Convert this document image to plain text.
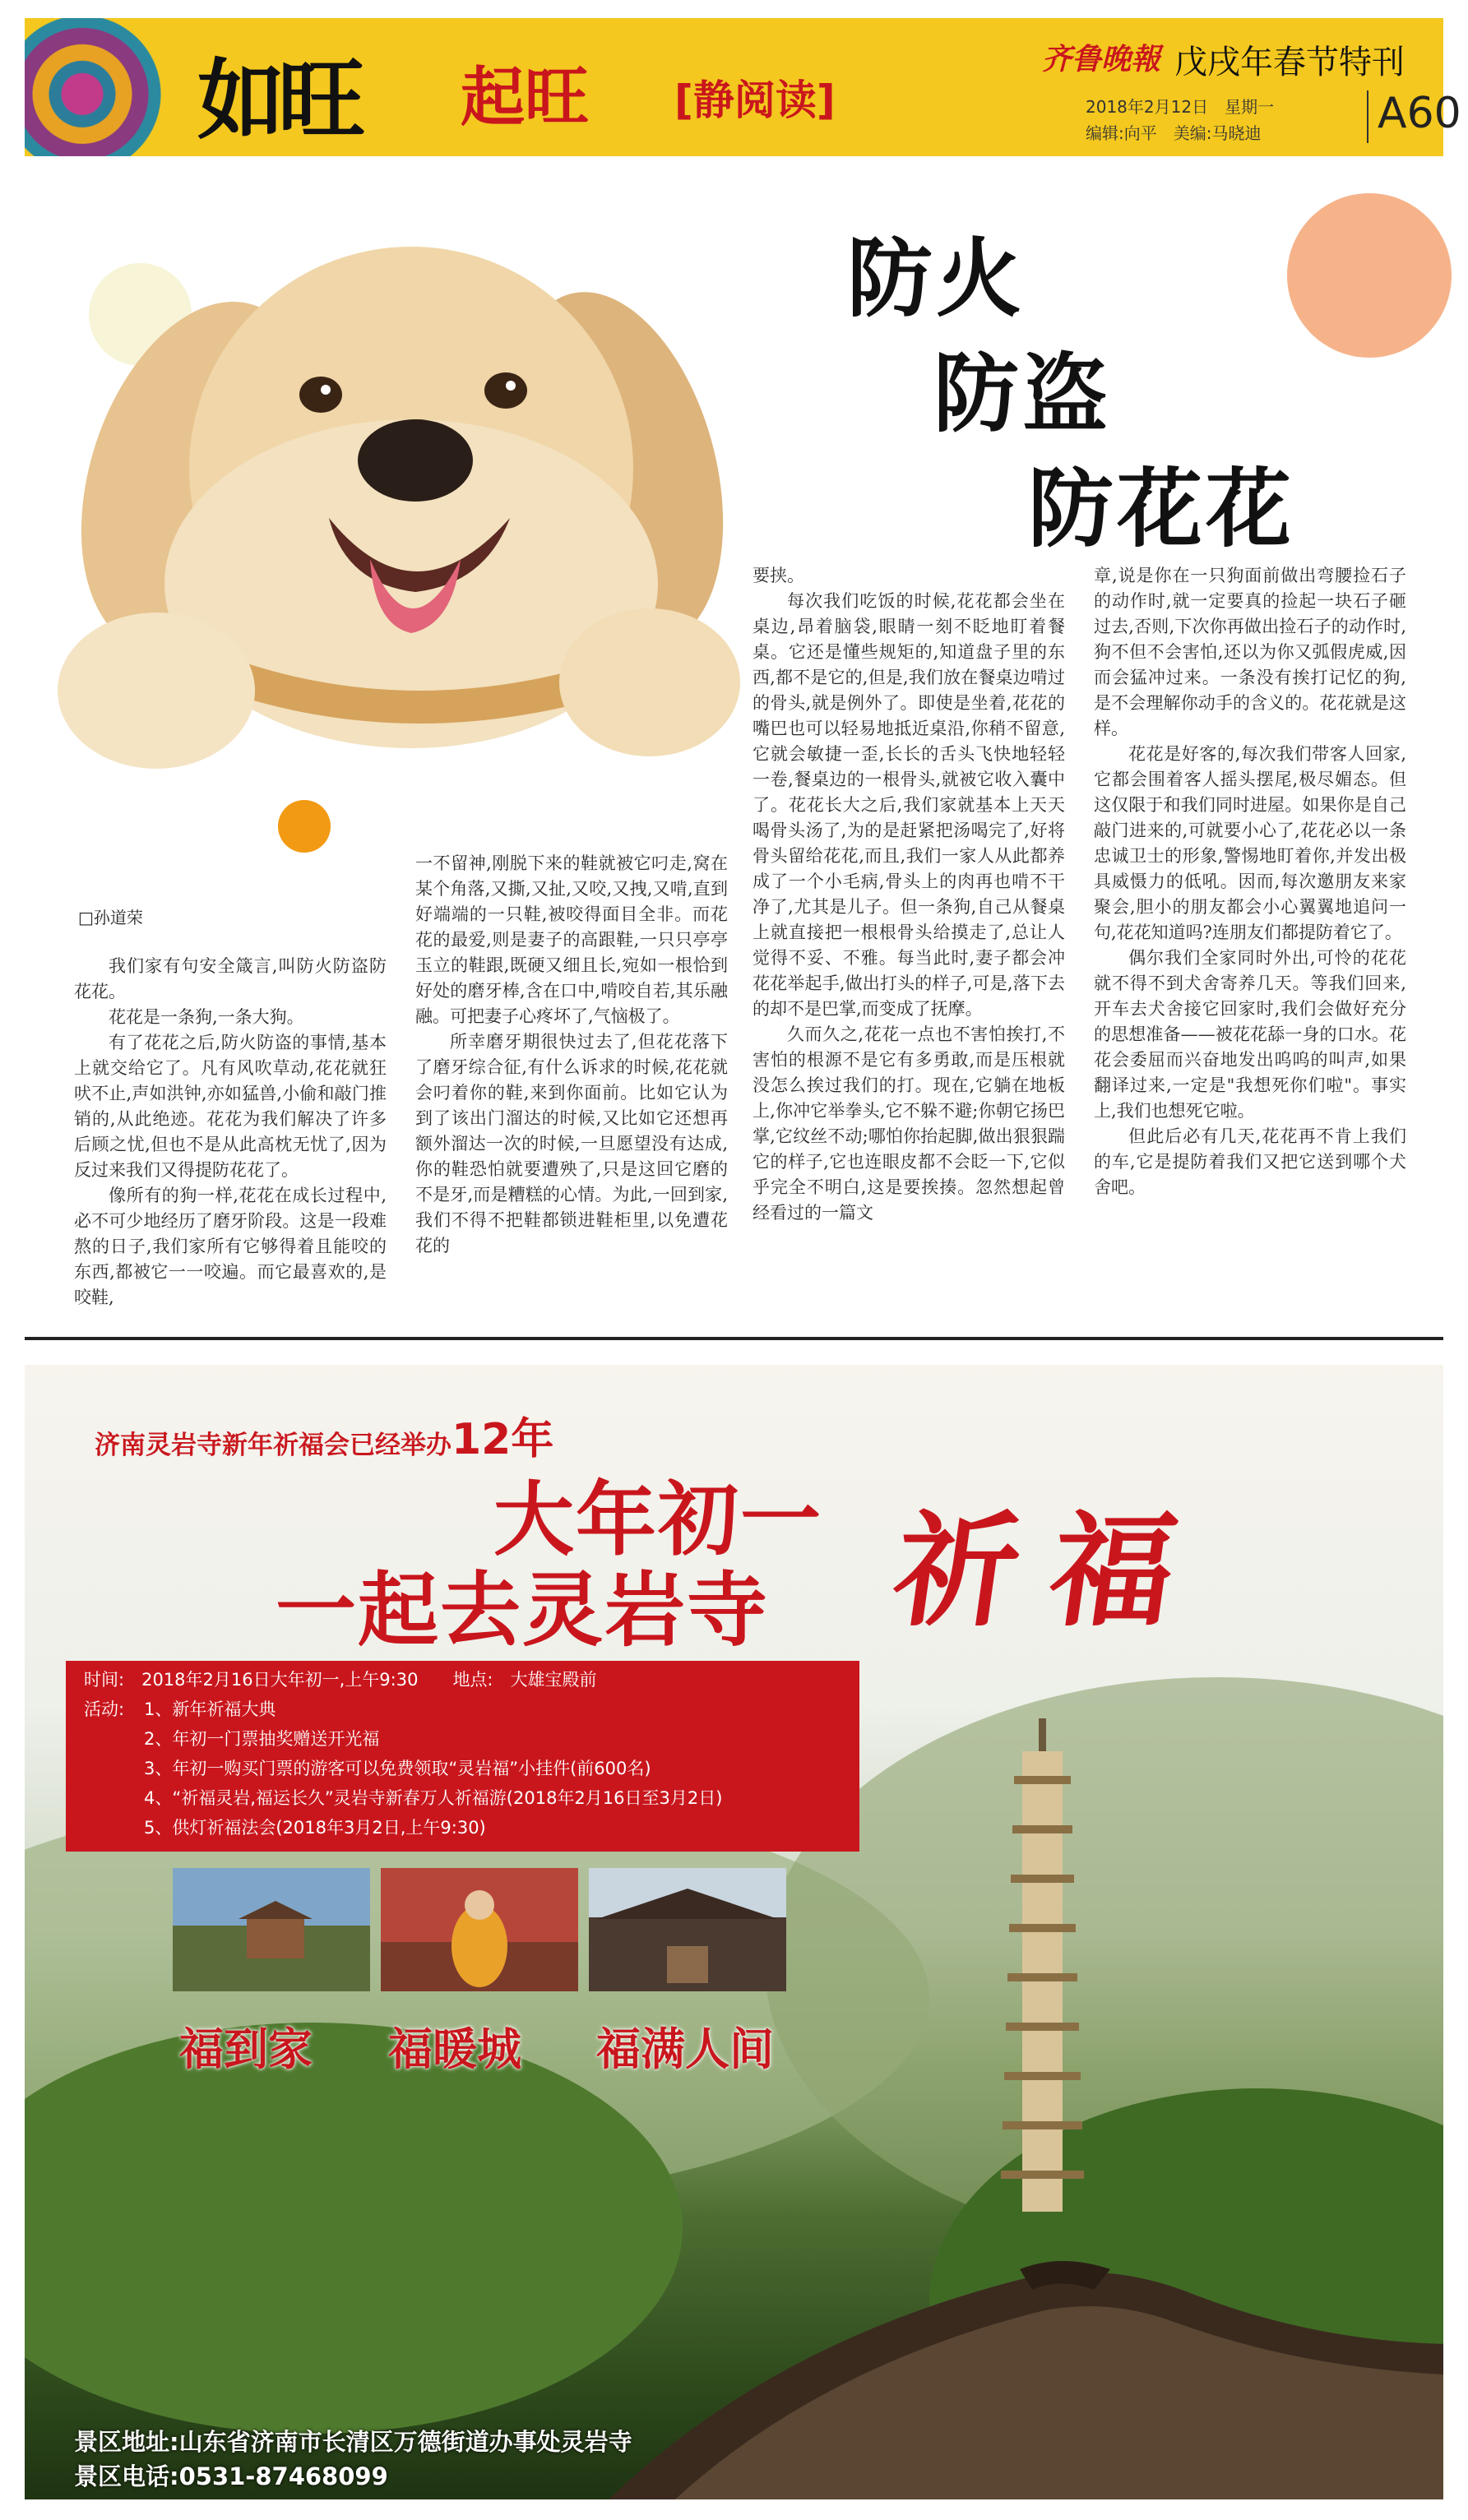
如旺 起旺 [静阅读]
齐鲁晚報 戊戌年春节特刊
2018年2月12日　星期一
编辑:向平　美编:马晓迪	A60
防火
防盗
防花花
□孙道荣

我们家有句安全箴言,叫防火防盗防花花。

花花是一条狗,一条大狗。

有了花花之后,防火防盗的事情,基本上就交给它了。凡有风吹草动,花花就狂吠不止,声如洪钟,亦如猛兽,小偷和敲门推销的,从此绝迹。花花为我们解决了许多后顾之忧,但也不是从此高枕无忧了,因为反过来我们又得提防花花了。

像所有的狗一样,花花在成长过程中,必不可少地经历了磨牙阶段。这是一段难熬的日子,我们家所有它够得着且能咬的东西,都被它一一咬遍。而它最喜欢的,是咬鞋,

一不留神,刚脱下来的鞋就被它叼走,窝在某个角落,又撕,又扯,又咬,又拽,又啃,直到好端端的一只鞋,被咬得面目全非。而花花的最爱,则是妻子的高跟鞋,一只只亭亭玉立的鞋跟,既硬又细且长,宛如一根恰到好处的磨牙棒,含在口中,啃咬自若,其乐融融。可把妻子心疼坏了,气恼极了。

所幸磨牙期很快过去了,但花花落下了磨牙综合征,有什么诉求的时候,花花就会叼着你的鞋,来到你面前。比如它认为到了该出门溜达的时候,又比如它还想再额外溜达一次的时候,一旦愿望没有达成,你的鞋恐怕就要遭殃了,只是这回它磨的不是牙,而是糟糕的心情。为此,一回到家,我们不得不把鞋都锁进鞋柜里,以免遭花花的

要挟。

每次我们吃饭的时候,花花都会坐在桌边,昂着脑袋,眼睛一刻不眨地盯着餐桌。它还是懂些规矩的,知道盘子里的东西,都不是它的,但是,我们放在餐桌边啃过的骨头,就是例外了。即使是坐着,花花的嘴巴也可以轻易地抵近桌沿,你稍不留意,它就会敏捷一歪,长长的舌头飞快地轻轻一卷,餐桌边的一根骨头,就被它收入囊中了。花花长大之后,我们家就基本上天天喝骨头汤了,为的是赶紧把汤喝完了,好将骨头留给花花,而且,我们一家人从此都养成了一个小毛病,骨头上的肉再也啃不干净了,尤其是儿子。但一条狗,自己从餐桌上就直接把一根根骨头给摸走了,总让人觉得不妥、不雅。每当此时,妻子都会冲花花举起手,做出打头的样子,可是,落下去的却不是巴掌,而变成了抚摩。

久而久之,花花一点也不害怕挨打,不害怕的根源不是它有多勇敢,而是压根就没怎么挨过我们的打。现在,它躺在地板上,你冲它举拳头,它不躲不避;你朝它扬巴掌,它纹丝不动;哪怕你抬起脚,做出狠狠踹它的样子,它也连眼皮都不会眨一下,它似乎完全不明白,这是要挨揍。忽然想起曾经看过的一篇文

章,说是你在一只狗面前做出弯腰捡石子的动作时,就一定要真的捡起一块石子砸过去,否则,下次你再做出捡石子的动作时,狗不但不会害怕,还以为你又弧假虎威,因而会猛冲过来。一条没有挨打记忆的狗,是不会理解你动手的含义的。花花就是这样。

花花是好客的,每次我们带客人回家,它都会围着客人摇头摆尾,极尽媚态。但这仅限于和我们同时进屋。如果你是自己敲门进来的,可就要小心了,花花必以一条忠诚卫士的形象,警惕地盯着你,并发出极具威慑力的低吼。因而,每次邀朋友来家聚会,胆小的朋友都会小心翼翼地追问一句,花花知道吗?连朋友们都提防着它了。

偶尔我们全家同时外出,可怜的花花就不得不到犬舍寄养几天。等我们回来,开车去犬舍接它回家时,我们会做好充分的思想准备——被花花舔一身的口水。花花会委屈而兴奋地发出呜呜的叫声,如果翻译过来,一定是"我想死你们啦"。事实上,我们也想死它啦。

但此后必有几天,花花再不肯上我们的车,它是提防着我们又把它送到哪个犬舍吧。

济南灵岩寺新年祈福会已经举办12年
大年初一
一起去灵岩寺 祈福
时间:　 2018年2月16日大年初一,上午9:30　　 地点:　 大雄宝殿前
活动: 1、新年祈福大典
2、年初一门票抽奖赠送开光福
3、年初一购买门票的游客可以免费领取“灵岩福”小挂件(前600名)
4、“祈福灵岩,福运长久”灵岩寺新春万人祈福游(2018年2月16日至3月2日)
5、供灯祈福法会(2018年3月2日,上午9:30)
福到家 福暖城 福满人间
景区地址:山东省济南市长清区万德街道办事处灵岩寺
景区电话:0531-87468099
